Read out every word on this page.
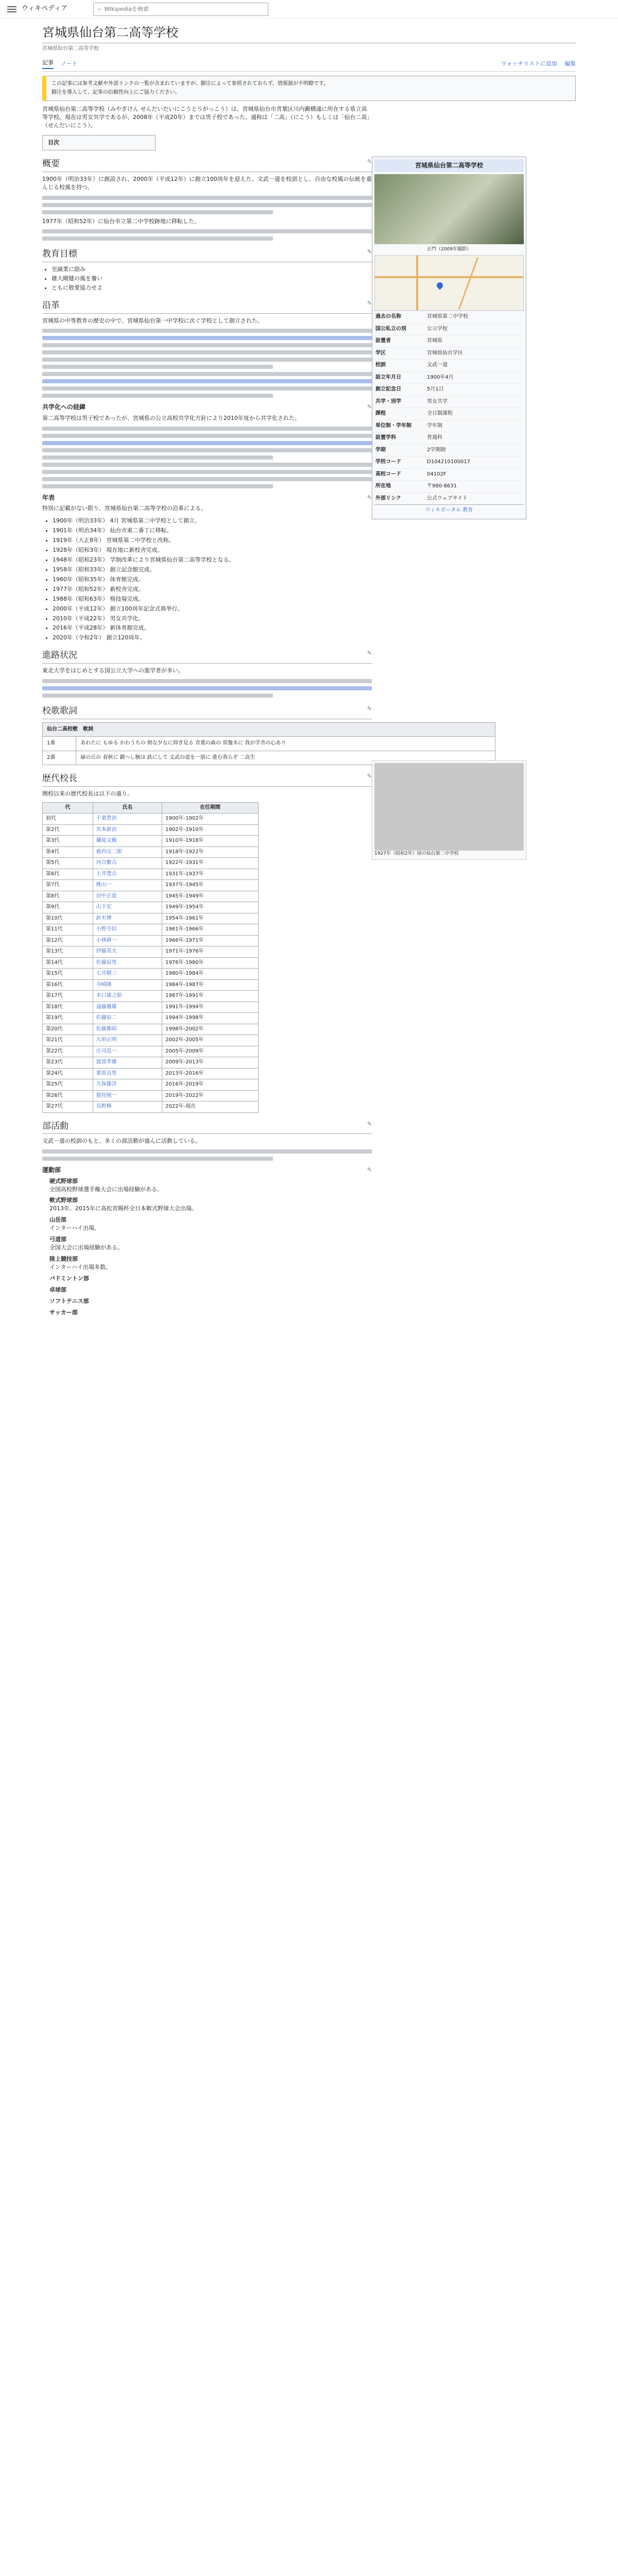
ウィキペディア	⌕
Wikipediaを検索
宮城県仙台第二高等学校
宮城県仙台第二高等学校
記事 ノート	ウォッチリストに追加 編集

この記事には参考文献や外部リンクの一覧が含まれていますが、脚注によって参照されておらず、情報源が不明瞭です。

脚注を導入して、記事の信頼性向上にご協力ください。

宮城県仙台第二高等学校（みやぎけん せんだいだいにこうとうがっこう）は、宮城県仙台市青葉区川内澱橋通に所在する県立高等学校。現在は男女共学であるが、2008年（平成20年）までは男子校であった。通称は「二高」（にこう）もしくは「仙台二高」（せんだいにこう）。

目次
概要	✎

1900年（明治33年）に創設され、2000年（平成12年）に創立100周年を迎えた。文武一道を校訓とし、自由な校風の伝統を重んじる校風を持つ。

1977年（昭和52年）に仙台市立第二中学校跡地に移転した。

教育目標	✎
• 至誠業に励み
• 雄大剛健の風を養い
• ともに敬愛協力せよ
沿革	✎

宮城県の中等教育の歴史の中で、宮城県仙台第一中学校に次ぐ学校として創立された。

共学化への経緯	✎

第二高等学校は男子校であったが、宮城県の公立高校共学化方針により2010年度から共学化された。

年表	✎

特別に記載がない限り、宮城県仙台第二高等学校の沿革による。

• 1900年（明治33年） 4月 宮城県第二中学校として創立。
• 1901年（明治34年） 仙台市東二番丁に移転。
• 1919年（大正8年） 宮城県第二中学校と改称。
• 1928年（昭和3年） 現在地に新校舎完成。
• 1948年（昭和23年） 学制改革により宮城県仙台第二高等学校となる。
• 1958年（昭和33年） 創立記念館完成。
• 1960年（昭和35年） 体育館完成。
• 1977年（昭和52年） 新校舎完成。
• 1988年（昭和63年） 格技場完成。
• 2000年（平成12年） 創立100周年記念式典挙行。
• 2010年（平成22年） 男女共学化。
• 2016年（平成28年） 新体育館完成。
• 2020年（令和2年） 創立120周年。
進路状況	✎

東北大学をはじめとする国公立大学への進学者が多い。

校歌歌詞	✎
仙台二高校歌　歌詞	
1番	あわたに もゆる かわうちの 朝な夕なに仰ぎ見る 青葉の森の 常盤木に 我が学舎の心あり
2番	緑の丘の 春秋に 鍛へし腕は 鉄にして 文武の道を一筋に 進む我らぞ 二高生
歴代校長	✎

開校以来の歴代校長は以下の通り。

代	氏名	在任期間
初代	千葉豊治	1900年-1902年
第2代	宮本新治	1902年-1910年
第3代	瀬尾文観	1910年-1918年
第4代	鹿内完二郎	1918年-1922年
第5代	河合繁吉	1922年-1931年
第6代	土井豊吉	1931年-1937年
第7代	桃山一	1937年-1945年
第8代	田中正道	1945年-1949年
第9代	山下宏	1949年-1954年
第10代	鈴木博	1954年-1961年
第11代	小野寺信	1961年-1966年
第12代	小林耕一	1966年-1971年
第13代	伊藤英夫	1971年-1976年
第14代	佐藤辰男	1976年-1980年
第15代	七井精三	1980年-1984年
第16代	寺崎隆	1984年-1987年
第17代	木口康之助	1987年-1991年
第18代	遠藤徹雄	1991年-1994年
第19代	佐藤辰二	1994年-1998年
第20代	佐藤雅昭	1998年-2002年
第21代	大串正明	2002年-2005年
第22代	庄司范一	2005年-2009年
第23代	渡部孝雄	2009年-2013年
第24代	栗原良男	2013年-2016年
第25代	久保雄洋	2016年-2019年
第26代	猪狩純一	2019年-2022年
第27代	長野修	2022年-現在
部活動	✎

文武一道の校訓のもと、多くの部活動が盛んに活動している。

運動部	✎
硬式野球部
全国高校野球選手権大会に出場経験がある。
軟式野球部
2013年、2015年に高松宮賜杯全日本軟式野球大会出場。
山岳部
インターハイ出場。
弓道部
全国大会に出場経験がある。
陸上競技部
インターハイ出場多数。
バドミントン部
卓球部
ソフトテニス部
サッカー部
宮城県仙台第二高等学校
正門（2009年撮影）
過去の名称	宮城県第二中学校
国公私立の別	公立学校
設置者	宮城県
学区	宮城県仙台学区
校訓	文武一道
設立年月日	1900年4月
創立記念日	5月1日
共学・別学	男女共学
課程	全日制課程
単位制・学年制	学年制
設置学科	普通科
学期	2学期制
学校コード	D104210100017
高校コード	04102F
所在地	〒980-8631
外部リンク	公式ウェブサイト
ウィキポータル 教育
1927年（昭和2年）頃の仙台第二中学校
